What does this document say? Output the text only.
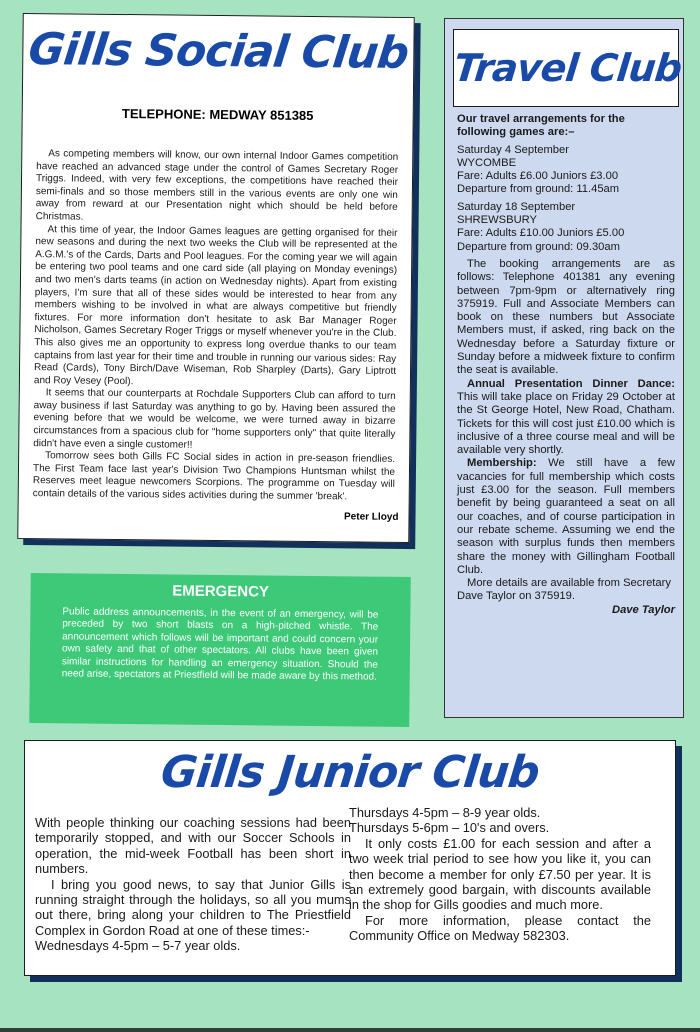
Gills Social Club
TELEPHONE: MEDWAY 851385

As competing members will know, our own internal Indoor Games competition have reached an advanced stage under the control of Games Secretary Roger Triggs. Indeed, with very few exceptions, the competitions have reached their semi-finals and so those members still in the various events are only one win away from reward at our Presentation night which should be held before Christmas.

At this time of year, the Indoor Games leagues are getting organised for their new seasons and during the next two weeks the Club will be represented at the A.G.M.'s of the Cards, Darts and Pool leagues. For the coming year we will again be entering two pool teams and one card side (all playing on Monday evenings) and two men's darts teams (in action on Wednesday nights). Apart from existing players, I'm sure that all of these sides would be interested to hear from any members wishing to be involved in what are always competitive but friendly fixtures. For more information don't hesitate to ask Bar Manager Roger Nicholson, Games Secretary Roger Triggs or myself whenever you're in the Club. This also gives me an opportunity to express long overdue thanks to our team captains from last year for their time and trouble in running our various sides: Ray Read (Cards), Tony Birch/Dave Wiseman, Rob Sharpley (Darts), Gary Liptrott and Roy Vesey (Pool).

It seems that our counterparts at Rochdale Supporters Club can afford to turn away business if last Saturday was anything to go by. Having been assured the evening before that we would be welcome, we were turned away in bizarre circumstances from a spacious club for "home supporters only" that quite literally didn't have even a single customer!!

Tomorrow sees both Gills FC Social sides in action in pre-season friendlies. The First Team face last year's Division Two Champions Huntsman whilst the Reserves meet league newcomers Scorpions. The programme on Tuesday will contain details of the various sides activities during the summer 'break'.

Peter Lloyd
EMERGENCY
Public address announcements, in the event of an emergency, will be preceded by two short blasts on a high-pitched whistle. The announcement which follows will be important and could concern your own safety and that of other spectators. All clubs have been given similar instructions for handling an emergency situation. Should the need arise, spectators at Priestfield will be made aware by this method.
Travel Club

Our travel arrangements for the following games are:–

Saturday 4 September

WYCOMBE

Fare: Adults £6.00 Juniors £3.00

Departure from ground: 11.45am

Saturday 18 September

SHREWSBURY

Fare: Adults £10.00 Juniors £5.00

Departure from ground: 09.30am

The booking arrangements are as follows: Telephone 401381 any evening between 7pm-9pm or alternatively ring 375919. Full and Associate Members can book on these numbers but Associate Members must, if asked, ring back on the Wednesday before a Saturday fixture or Sunday before a midweek fixture to confirm the seat is available.

Annual Presentation Dinner Dance: This will take place on Friday 29 October at the St George Hotel, New Road, Chatham. Tickets for this will cost just £10.00 which is inclusive of a three course meal and will be available very shortly.

Membership: We still have a few vacancies for full membership which costs just £3.00 for the season. Full members benefit by being guaranteed a seat on all our coaches, and of course participation in our rebate scheme. Assuming we end the season with surplus funds then members share the money with Gillingham Football Club.

More details are available from Secretary Dave Taylor on 375919.

Dave Taylor

Gills Junior Club

With people thinking our coaching sessions had been temporarily stopped, and with our Soccer Schools in operation, the mid-week Football has been short in numbers.

I bring you good news, to say that Junior Gills is running straight through the holidays, so all you mums out there, bring along your children to The Priestfield Complex in Gordon Road at one of these times:-

Wednesdays 4-5pm – 5-7 year olds.

Thursdays 4-5pm – 8-9 year olds.

Thursdays 5-6pm – 10's and overs.

It only costs £1.00 for each session and after a two week trial period to see how you like it, you can then become a member for only £7.50 per year. It is an extremely good bargain, with discounts available in the shop for Gills goodies and much more.

For more information, please contact the Community Office on Medway 582303.
